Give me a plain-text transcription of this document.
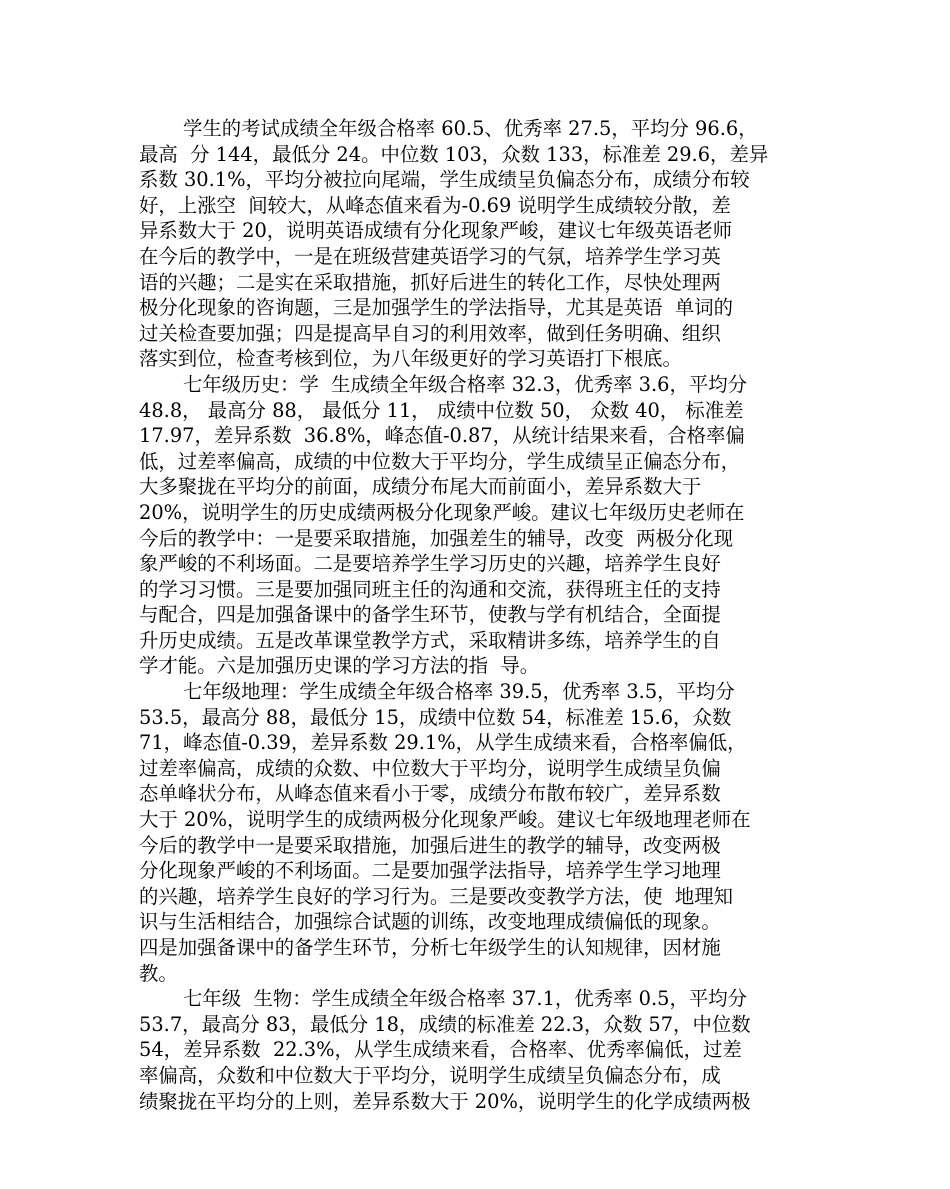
学生的考试成绩全年级合格率 60.5、优秀率 27.5，平均分 96.6，
最高  分 144，最低分 24。中位数 103，众数 133，标准差 29.6，差异
系数 30.1%，平均分被拉向尾端，学生成绩呈负偏态分布，成绩分布较
好，上涨空  间较大，从峰态值来看为-0.69 说明学生成绩较分散，差
异系数大于 20，说明英语成绩有分化现象严峻，建议七年级英语老师
在今后的教学中，一是在班级营建英语学习的气氛，培养学生学习英
语的兴趣；二是实在采取措施，抓好后进生的转化工作，尽快处理两
极分化现象的咨询题，三是加强学生的学法指导，尤其是英语  单词的
过关检查要加强；四是提高早自习的利用效率，做到任务明确、组织
落实到位，检查考核到位，为八年级更好的学习英语打下根底。
七年级历史：学  生成绩全年级合格率 32.3，优秀率 3.6，平均分
48.8， 最高分 88， 最低分 11， 成绩中位数 50， 众数 40， 标准差
17.97，差异系数  36.8%，峰态值-0.87，从统计结果来看，合格率偏
低，过差率偏高，成绩的中位数大于平均分，学生成绩呈正偏态分布，
大多聚拢在平均分的前面，成绩分布尾大而前面小，差异系数大于
20%，说明学生的历史成绩两极分化现象严峻。建议七年级历史老师在
今后的教学中：一是要采取措施，加强差生的辅导，改变  两极分化现
象严峻的不利场面。二是要培养学生学习历史的兴趣，培养学生良好
的学习习惯。三是要加强同班主任的沟通和交流，获得班主任的支持
与配合，四是加强备课中的备学生环节，使教与学有机结合，全面提
升历史成绩。五是改革课堂教学方式，采取精讲多练，培养学生的自
学才能。六是加强历史课的学习方法的指  导。
七年级地理：学生成绩全年级合格率 39.5，优秀率 3.5，平均分
53.5，最高分 88，最低分 15，成绩中位数 54，标准差 15.6，众数
71，峰态值-0.39，差异系数 29.1%，从学生成绩来看，合格率偏低，
过差率偏高，成绩的众数、中位数大于平均分，说明学生成绩呈负偏
态单峰状分布，从峰态值来看小于零，成绩分布散布较广，差异系数
大于 20%，说明学生的成绩两极分化现象严峻。建议七年级地理老师在
今后的教学中一是要采取措施，加强后进生的教学的辅导，改变两极
分化现象严峻的不利场面。二是要加强学法指导，培养学生学习地理
的兴趣，培养学生良好的学习行为。三是要改变教学方法，使  地理知
识与生活相结合，加强综合试题的训练，改变地理成绩偏低的现象。
四是加强备课中的备学生环节，分析七年级学生的认知规律，因材施
教。
七年级  生物：学生成绩全年级合格率 37.1，优秀率 0.5，平均分
53.7，最高分 83，最低分 18，成绩的标准差 22.3，众数 57，中位数
54，差异系数  22.3%，从学生成绩来看，合格率、优秀率偏低，过差
率偏高，众数和中位数大于平均分，说明学生成绩呈负偏态分布，成
绩聚拢在平均分的上则，差异系数大于 20%，说明学生的化学成绩两极
